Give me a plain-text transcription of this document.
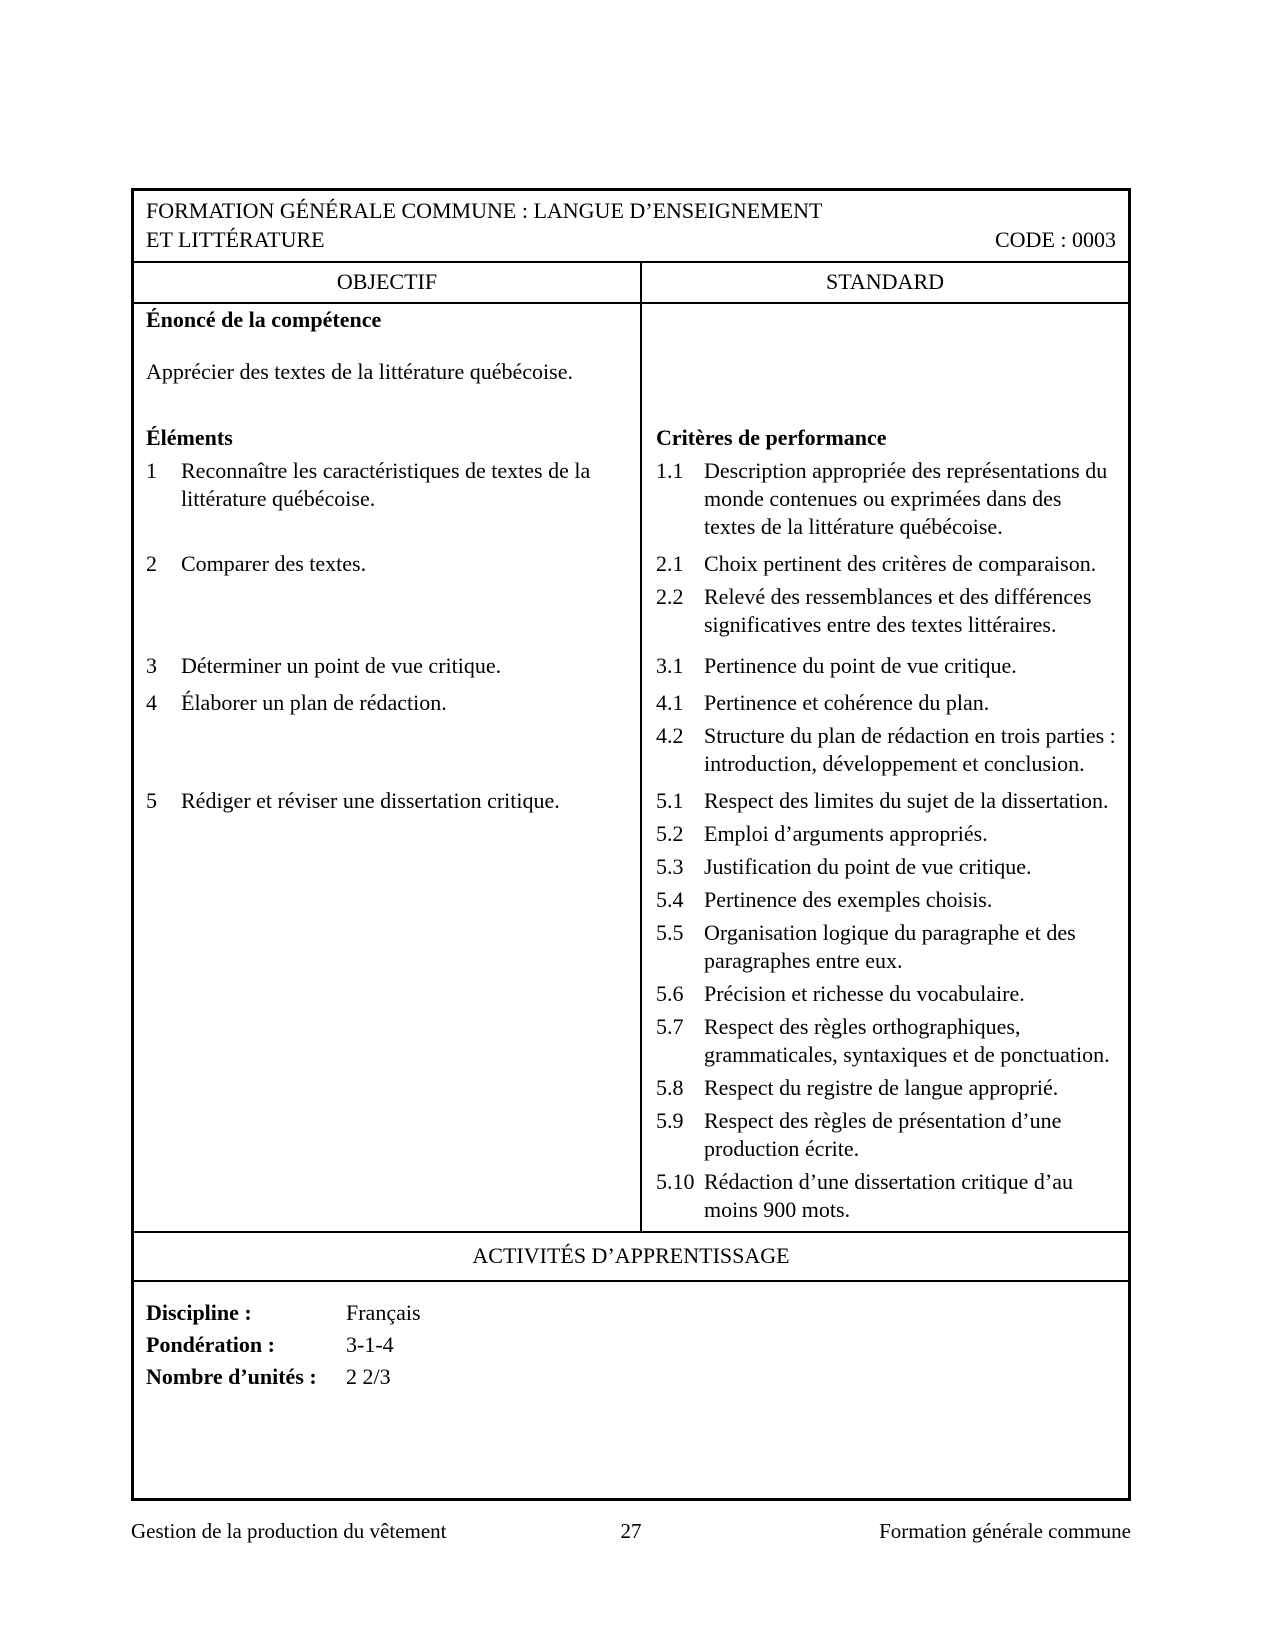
FORMATION GÉNÉRALE COMMUNE : LANGUE D’ENSEIGNEMENT
ET LITTÉRATURE	CODE : 0003
OBJECTIF	STANDARD
Énoncé de la compétence
Apprécier des textes de la littérature québécoise.
Éléments	Critères de performance
1	Reconnaître les caractéristiques de textes de la littérature québécoise.
1.1 Description appropriée des représentations du monde contenues ou exprimées dans des textes de la littérature québécoise.
2	Comparer des textes.	2.1 Choix pertinent des critères de comparaison.
2.2 Relevé des ressemblances et des différences significatives entre des textes littéraires.
3	Déterminer un point de vue critique.	3.1 Pertinence du point de vue critique.
4	Élaborer un plan de rédaction.	4.1 Pertinence et cohérence du plan.
4.2 Structure du plan de rédaction en trois parties : introduction, développement et conclusion.
5	Rédiger et réviser une dissertation critique.	5.1 Respect des limites du sujet de la dissertation.
5.2 Emploi d’arguments appropriés.
5.3 Justification du point de vue critique.
5.4 Pertinence des exemples choisis.
5.5 Organisation logique du paragraphe et des paragraphes entre eux.
5.6 Précision et richesse du vocabulaire.
5.7 Respect des règles orthographiques, grammaticales, syntaxiques et de ponctuation.
5.8 Respect du registre de langue approprié.
5.9 Respect des règles de présentation d’une production écrite.
5.10 Rédaction d’une dissertation critique d’au moins 900 mots.
ACTIVITÉS D’APPRENTISSAGE
Discipline :	Français
Pondération :	3-1-4
Nombre d’unités :	2 2/3
Gestion de la production du vêtement	27	Formation générale commune
